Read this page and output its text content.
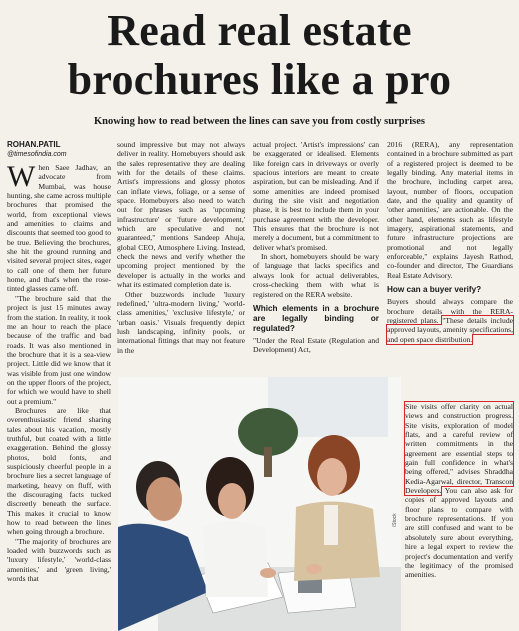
Read real estate
brochures like a pro
Knowing how to read between the lines can save you from costly surprises
ROHAN.PATIL
@timesofindia.com

When Saee Jadhav, an advocate from Mumbai, was house hunting, she came across multiple brochures that promised the world, from exceptional views and amenities to claims and discounts that seemed too good to be true. Believing the brochures, she hit the ground running and visited several project sites, eager to call one of them her future home, and that's when the rose-tinted glasses came off.

"The brochure said that the project is just 15 minutes away from the station. In reality, it took me an hour to reach the place because of the traffic and bad roads. It was also mentioned in the brochure that it is a sea-view project. Little did we know that it was visible from just one window on the upper floors of the project, for which we would have to shell out a premium."

Brochures are like that overenthusiastic friend sharing tales about his vacation, mostly truthful, but coated with a little exaggeration. Behind the glossy photos, bold fonts, and suspiciously cheerful people in a brochure lies a secret language of marketing, heavy on fluff, with the discouraging facts tucked discreetly beneath the surface. This makes it crucial to know how to read between the lines when going through a brochure.

"The majority of brochures are loaded with buzzwords such as 'luxury lifestyle,' 'world-class amenities,' and 'green living,' words that

sound impressive but may not always deliver in reality. Homebuyers should ask the sales representative they are dealing with for the details of these claims. Artist's impressions and glossy photos can inflate views, foliage, or a sense of space. Homebuyers also need to watch out for phrases such as 'upcoming infrastructure' or 'future development,' which are speculative and not guaranteed," mentions Sandeep Ahuja, global CEO, Atmosphere Living. Instead, check the news and verify whether the upcoming project mentioned by the developer is actually in the works and what its estimated completion date is.

Other buzzwords include 'luxury redefined,' 'ultra-modern living,' 'world-class amenities,' 'exclusive lifestyle,' or 'urban oasis.' Visuals frequently depict lush landscaping, infinity pools, or international fittings that may not feature in the

actual project. 'Artist's impressions' can be exaggerated or idealised. Elements like foreign cars in driveways or overly spacious interiors are meant to create aspiration, but can be misleading. And if some amenities are indeed promised during the site visit and negotiation phase, it is best to include them in your purchase agreement with the developer. This ensures that the brochure is not merely a document, but a commitment to deliver what's promised.

In short, homebuyers should be wary of language that lacks specifics and always look for actual deliverables, cross-checking them with what is registered on the RERA website.

Which elements in a brochure are legally binding or regulated?

"Under the Real Estate (Regulation and Development) Act,

2016 (RERA), any representation contained in a brochure submitted as part of a registered project is deemed to be legally binding. Any material items in the brochure, including carpet area, layout, number of floors, occupation date, and the quality and quantity of 'other amenities,' are actionable. On the other hand, elements such as lifestyle imagery, aspirational statements, and future infrastructure projections are promotional and not legally enforceable," explains Jayesh Rathod, co-founder and director, The Guardians Real Estate Advisory.

How can a buyer verify?

Buyers should always compare the brochure details with the RERA-registered plans. "These details include approved layouts, amenity specifications, and open space distribution.

Site visits offer clarity on actual views and construction progress. Site visits, exploration of model flats, and a careful review of written commitments in the agreement are essential steps to gain full confidence in what's being offered," advises Shraddha Kedia-Agarwal, director, Transcon Developers. You can also ask for copies of approved layouts and floor plans to compare with brochure representations. If you are still confused and want to be absolutely sure about everything, hire a legal expert to review the project's documentation and verify the legitimacy of the promised amenities.

iStock
